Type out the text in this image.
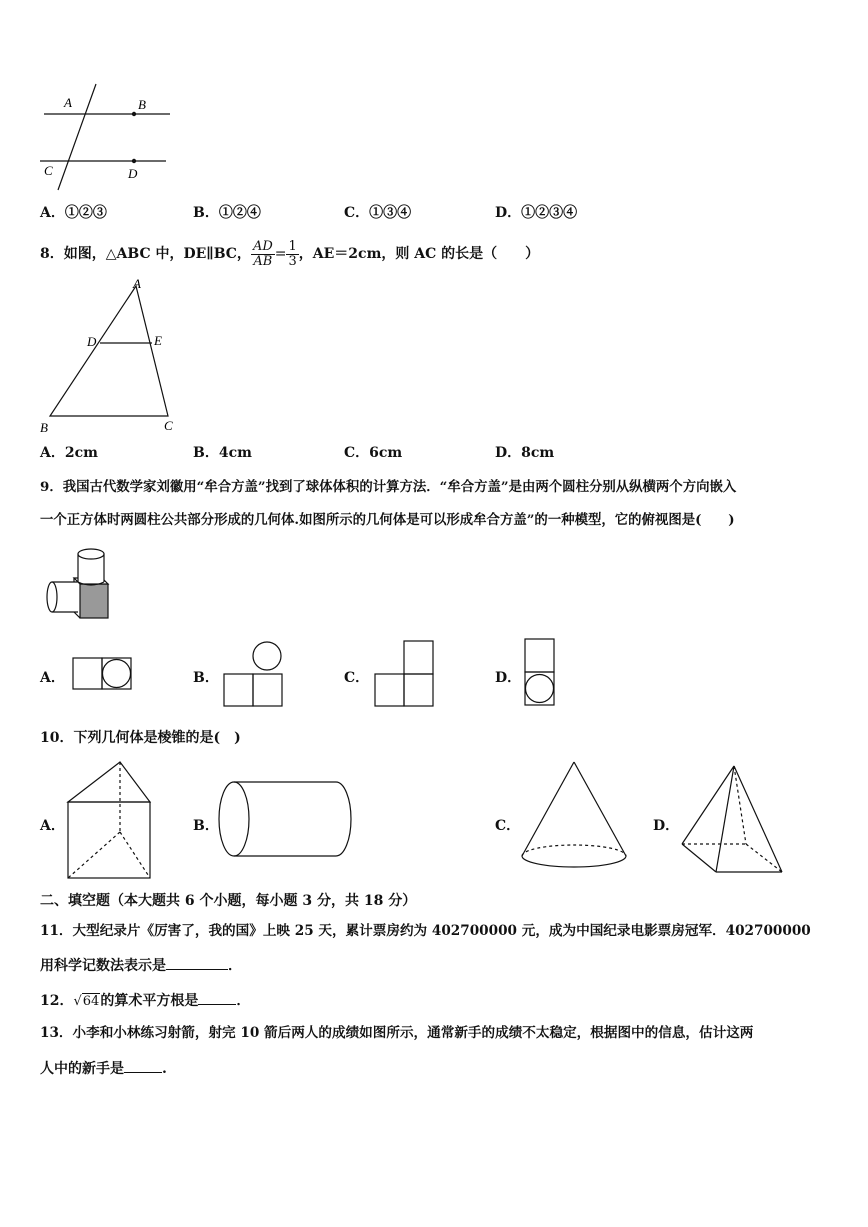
A	B
C	D
A．①②③	B．①②④	C．①③④	D．①②③④
8．如图，△ABC 中，DE∥BC， $\frac{AD}{AB} = \frac{1}{3}$ ，AE＝2cm，则 AC 的长是（　　）
A
D	E
B	C
A．2cm	B．4cm	C．6cm	D．8cm
9．我国古代数学家刘徽用“牟合方盖”找到了球体体积的计算方法．“牟合方盖”是由两个圆柱分别从纵横两个方向嵌入
一个正方体时两圆柱公共部分形成的几何体.如图所示的几何体是可以形成牟合方盖”的一种模型，它的俯视图是(　　)
A．	B．	C．	D．
10．下列几何体是棱锥的是(　)
A．	B．	C．	D．
二、填空题（本大题共 6 个小题，每小题 3 分，共 18 分）
11．大型纪录片《厉害了，我的国》上映 25 天，累计票房约为 402700000 元，成为中国纪录电影票房冠军．402700000
用科学记数法表示是	．
12．√64的算术平方根是	．
13．小李和小林练习射箭，射完 10 箭后两人的成绩如图所示，通常新手的成绩不太稳定，根据图中的信息，估计这两
人中的新手是	.
